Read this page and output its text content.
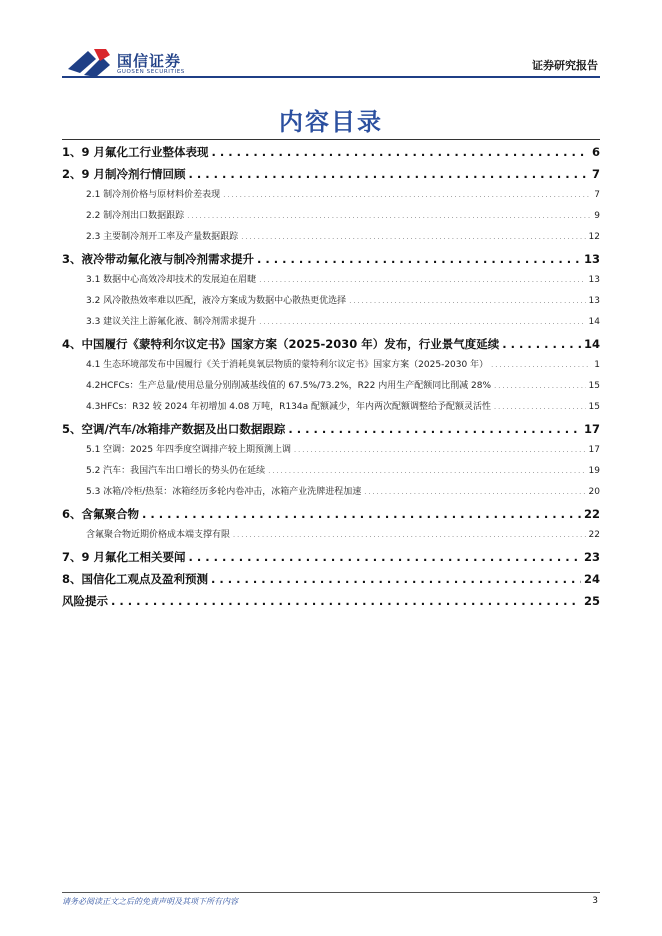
国信证券
GUOSEN SECURITIES	证券研究报告
内容目录
1、9 月氟化工行业整体表现 . . .	6
2、9 月制冷剂行情回顾 . . .	7
2.1 制冷剂价格与原材料价差表现 . . .	7
2.2 制冷剂出口数据跟踪 . . .	9
2.3 主要制冷剂开工率及产量数据跟踪 . . .	12
3、液冷带动氟化液与制冷剂需求提升 . . .	13
3.1 数据中心高效冷却技术的发展迫在眉睫 . . .	13
3.2 风冷散热效率难以匹配，液冷方案成为数据中心散热更优选择 . . .	13
3.3 建议关注上游氟化液、制冷剂需求提升 . . .	14
4、中国履行《蒙特利尔议定书》国家方案（2025-2030 年）发布，行业景气度延续 . . .	14
4.1 生态环境部发布中国履行《关于消耗臭氧层物质的蒙特利尔议定书》国家方案（2025-2030 年） . . .	1
4.2HCFCs：生产总量/使用总量分别削减基线值的 67.5%/73.2%，R22 内用生产配额同比削减 28% . . .	15
4.3HFCs：R32 较 2024 年初增加 4.08 万吨，R134a 配额减少，年内两次配额调整给予配额灵活性 . . .	15
5、空调/汽车/冰箱排产数据及出口数据跟踪 . . .	17
5.1 空调：2025 年四季度空调排产较上期预测上调 . . .	17
5.2 汽车：我国汽车出口增长的势头仍在延续 . . .	19
5.3 冰箱/冷柜/热泵：冰箱经历多轮内卷冲击，冰箱产业洗牌进程加速 . . .	20
6、含氟聚合物 . . .	22
含氟聚合物近期价格成本端支撑有限 . . .	22
7、9 月氟化工相关要闻 . . .	23
8、国信化工观点及盈利预测 . . .	24
风险提示 . . .	25
请务必阅读正文之后的免责声明及其项下所有内容	3
